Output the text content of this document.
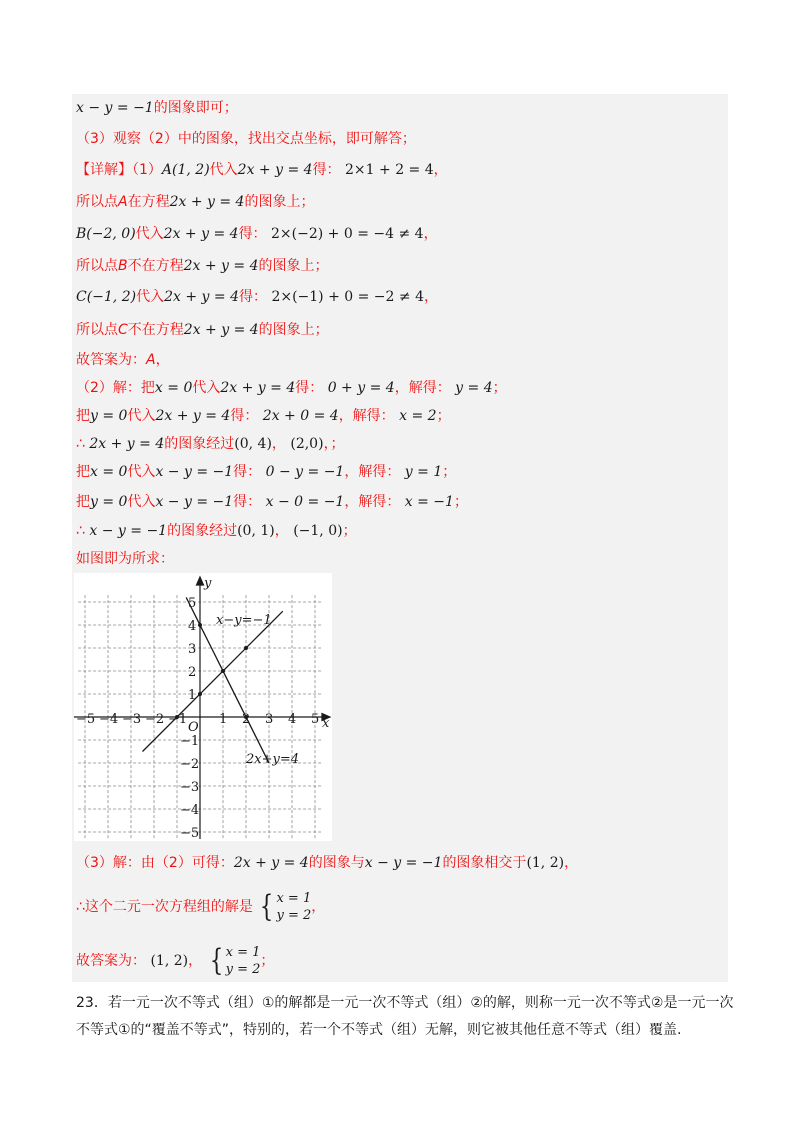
x − y = −1的图象即可；
（3）观察（2）中的图象，找出交点坐标，即可解答；
【详解】（1）A(1, 2)代入2x + y = 4得： 2×1 + 2 = 4，
所以点A在方程2x + y = 4的图象上；
B(−2, 0)代入2x + y = 4得： 2×(−2) + 0 = −4 ≠ 4，
所以点B不在方程2x + y = 4的图象上；
C(−1, 2)代入2x + y = 4得： 2×(−1) + 0 = −2 ≠ 4，
所以点C不在方程2x + y = 4的图象上；
故答案为：A，
（2）解：把x = 0代入2x + y = 4得： 0 + y = 4，解得： y = 4；
把y = 0代入2x + y = 4得： 2x + 0 = 4，解得： x = 2；
∴ 2x + y = 4的图象经过(0, 4)， (2,0)，；
把x = 0代入x − y = −1得： 0 − y = −1，解得： y = 1；
把y = 0代入x − y = −1得： x − 0 = −1，解得： x = −1；
∴ x − y = −1的图象经过(0, 1)， (−1, 0)；
如图即为所求：
−5 −4 −3 −2 −1 1 2 3 4 5
5
4
3
2
1
−1
−2
−3
−4
−5
O	x
y
x−y=−1
2x+y=4
（3）解：由（2）可得：2x + y = 4的图象与x − y = −1的图象相交于(1, 2)，
∴这个二元一次方程组的解是 { x = 1
y = 2，
故答案为： (1, 2)， { x = 1
y = 2；
23．若一元一次不等式（组）①的解都是一元一次不等式（组）②的解，则称一元一次不等式②是一元一次不等式①的“覆盖不等式”，特别的，若一个不等式（组）无解，则它被其他任意不等式（组）覆盖.
